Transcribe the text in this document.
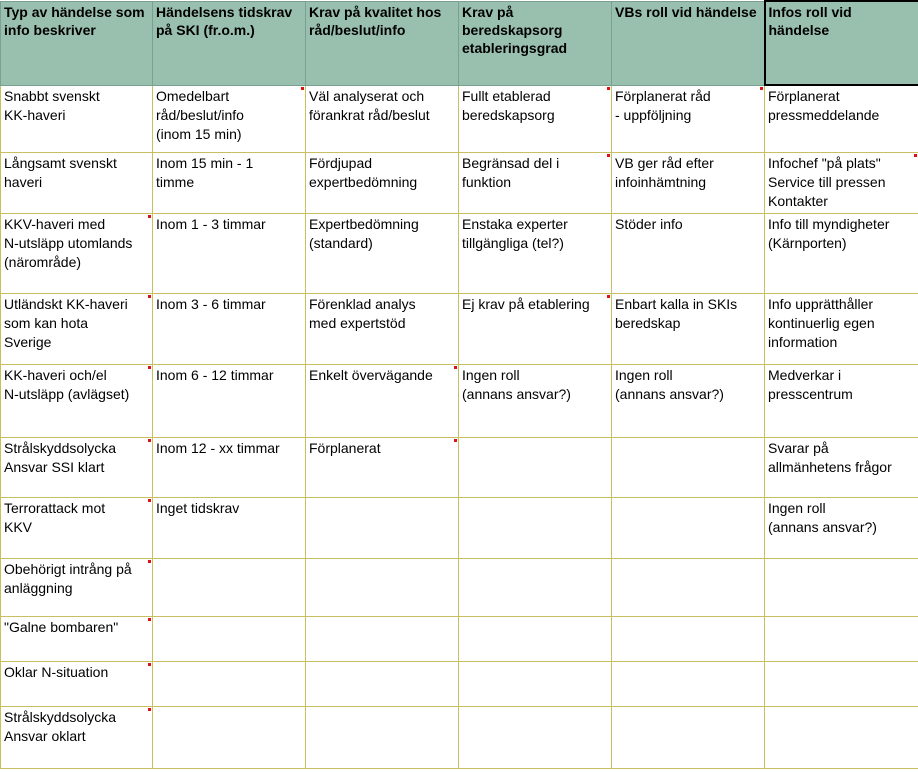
Typ av händelse som info beskriver	Händelsens tidskrav på SKI (fr.o.m.)	Krav på kvalitet hos råd/beslut/info	Krav på beredskapsorg etableringsgrad	VBs roll vid händelse	Infos roll vid händelse

Snabbt svenskt
KK-haveri	Omedelbart
råd/beslut/info
(inom 15 min)	Väl analyserat och
förankrat råd/beslut	Fullt etablerad
beredskapsorg	Förplanerat råd
- uppföljning	Förplanerat
pressmeddelande

Långsamt svenskt
haveri	Inom 15 min - 1
timme	Fördjupad
expertbedömning	Begränsad del i
funktion	VB ger råd efter
infoinhämtning	Infochef "på plats"
Service till pressen
Kontakter

KKV-haveri med
N-utsläpp utomlands
(närområde)	Inom 1 - 3 timmar	Expertbedömning
(standard)	Enstaka experter
tillgängliga (tel?)	Stöder info	Info till myndigheter
(Kärnporten)

Utländskt KK-haveri
som kan hota
Sverige	Inom 3 - 6 timmar	Förenklad analys
med expertstöd	Ej krav på etablering	Enbart kalla in SKIs
beredskap	Info upprätthåller
kontinuerlig egen
information

KK-haveri och/el
N-utsläpp (avlägset)	Inom 6 - 12 timmar	Enkelt övervägande	Ingen roll
(annans ansvar?)	Ingen roll
(annans ansvar?)	Medverkar i
presscentrum

Strålskyddsolycka
Ansvar SSI klart	Inom 12 - xx timmar	Förplanerat			Svarar på
allmänhetens frågor

Terrorattack mot
KKV	Inget tidskrav				Ingen roll
(annans ansvar?)

Obehörigt intrång på
anläggning					

"Galne bombaren"					

Oklar N-situation					

Strålskyddsolycka
Ansvar oklart					
